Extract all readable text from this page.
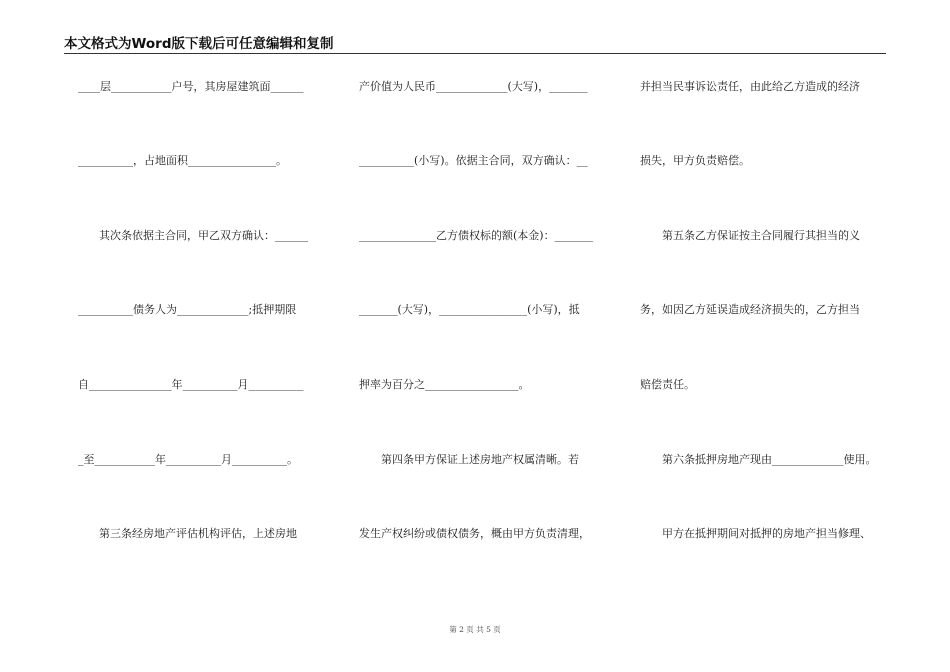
本文格式为Word版下载后可任意编辑和复制
____层___________户号，其房屋建筑面______
__________，占地面积________________。
其次条依据主合同，甲乙双方确认：______
__________债务人为_____________;抵押期限
自_______________年__________月__________
_至___________年__________月__________。
第三条经房地产评估机构评估，上述房地
产价值为人民币_____________(大写)，_______
__________(小写)。依据主合同，双方确认：__
______________乙方债权标的额(本金)：_______
_______(大写)，________________(小写)，抵
押率为百分之_________________。
第四条甲方保证上述房地产权属清晰。若
发生产权纠纷或债权债务，概由甲方负责清理，
并担当民事诉讼责任，由此给乙方造成的经济
损失，甲方负责赔偿。
第五条乙方保证按主合同履行其担当的义
务，如因乙方延误造成经济损失的，乙方担当
赔偿责任。
第六条抵押房地产现由_____________使用。
甲方在抵押期间对抵押的房地产担当修理、
第 2 页 共 5 页
